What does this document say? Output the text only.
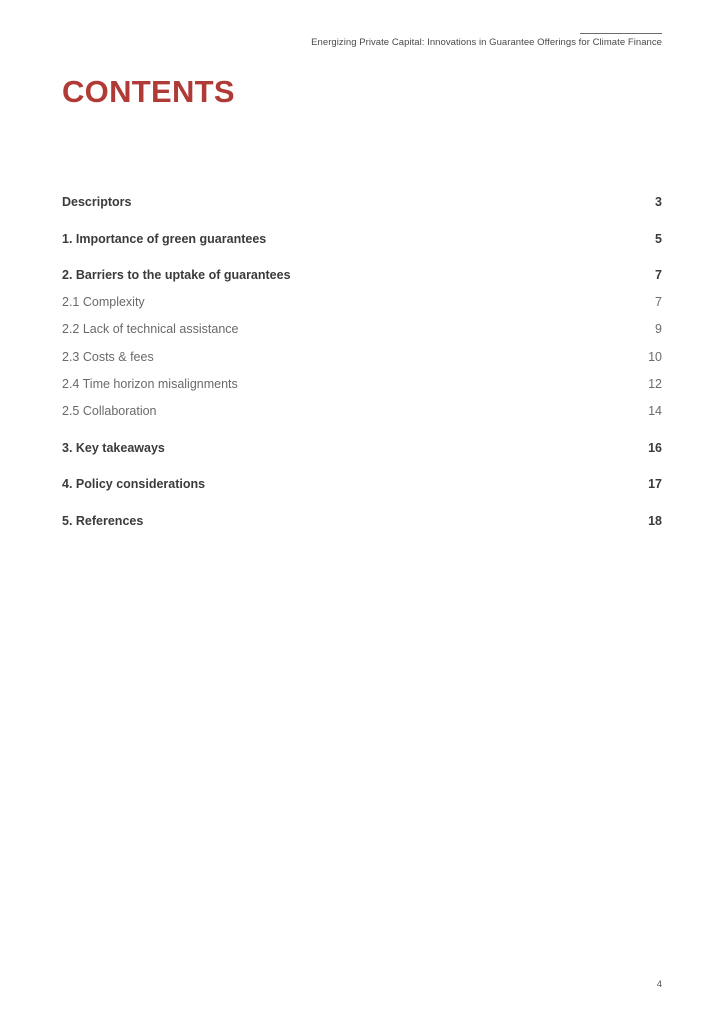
Energizing Private Capital: Innovations in Guarantee Offerings for Climate Finance
CONTENTS
Descriptors	3
1. Importance of green guarantees	5
2. Barriers to the uptake of guarantees	7
2.1 Complexity	7
2.2 Lack of technical assistance	9
2.3 Costs & fees	10
2.4 Time horizon misalignments	12
2.5 Collaboration	14
3. Key takeaways	16
4. Policy considerations	17
5. References	18
4
